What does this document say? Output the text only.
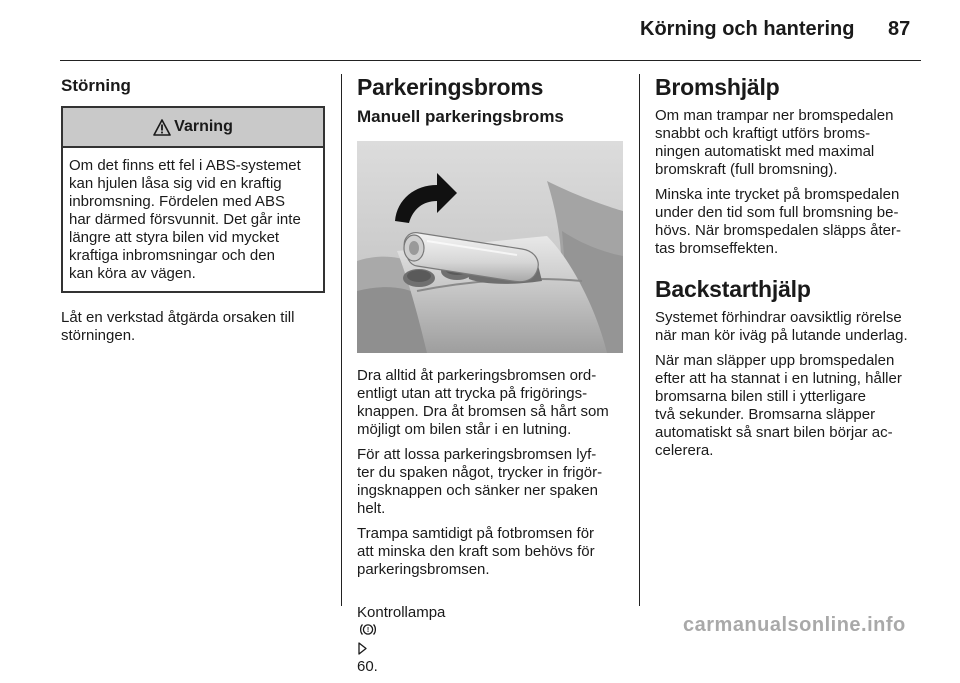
Körning och hantering 87
Störning
Varning
Om det finns ett fel i ABS-systemet
kan hjulen låsa sig vid en kraftig
inbromsning. Fördelen med ABS
har därmed försvunnit. Det går inte
längre att styra bilen vid mycket
kraftiga inbromsningar och den
kan köra av vägen.
Låt en verkstad åtgärda orsaken till
störningen.
Parkeringsbroms
Manuell parkeringsbroms
Dra alltid åt parkeringsbromsen ord-
entligt utan att trycka på frigörings-
knappen. Dra åt bromsen så hårt som
möjligt om bilen står i en lutning.
För att lossa parkeringsbromsen lyf-
ter du spaken något, trycker in frigör-
ingsknappen och sänker ner spaken
helt.
Trampa samtidigt på fotbromsen för
att minska den kraft som behövs för
parkeringsbromsen.

Kontrollampa

!

60.

Bromshjälp
Om man trampar ner bromspedalen
snabbt och kraftigt utförs broms-
ningen automatiskt med maximal
bromskraft (full bromsning).
Minska inte trycket på bromspedalen
under den tid som full bromsning be-
hövs. När bromspedalen släpps åter-
tas bromseffekten.
Backstarthjälp
Systemet förhindrar oavsiktlig rörelse
när man kör iväg på lutande underlag.
När man släpper upp bromspedalen
efter att ha stannat i en lutning, håller
bromsarna bilen still i ytterligare
två sekunder. Bromsarna släpper
automatiskt så snart bilen börjar ac-
celerera.
carmanualsonline.info
